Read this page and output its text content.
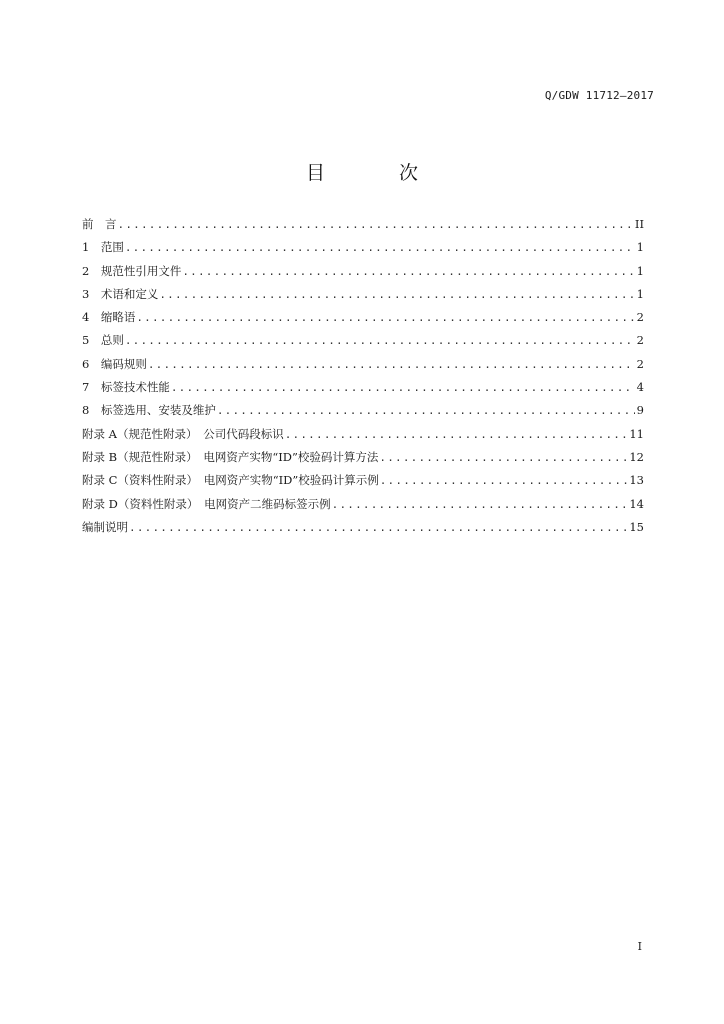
Q/GDW 11712—2017
目 次
前　言 .....	II
1　范围 .....	1
2　规范性引用文件 .....	1
3　术语和定义 .....	1
4　缩略语 .....	2
5　总则 .....	2
6　编码规则 .....	2
7　标签技术性能 .....	4
8　标签选用、安装及维护 .....	9
附录 A（规范性附录）　公司代码段标识 .....	11
附录 B（规范性附录）　电网资产实物“ID”校验码计算方法 .....	12
附录 C（资料性附录）　电网资产实物“ID”校验码计算示例 .....	13
附录 D（资料性附录）　电网资产二维码标签示例 .....	14
编制说明 .....	15
I
